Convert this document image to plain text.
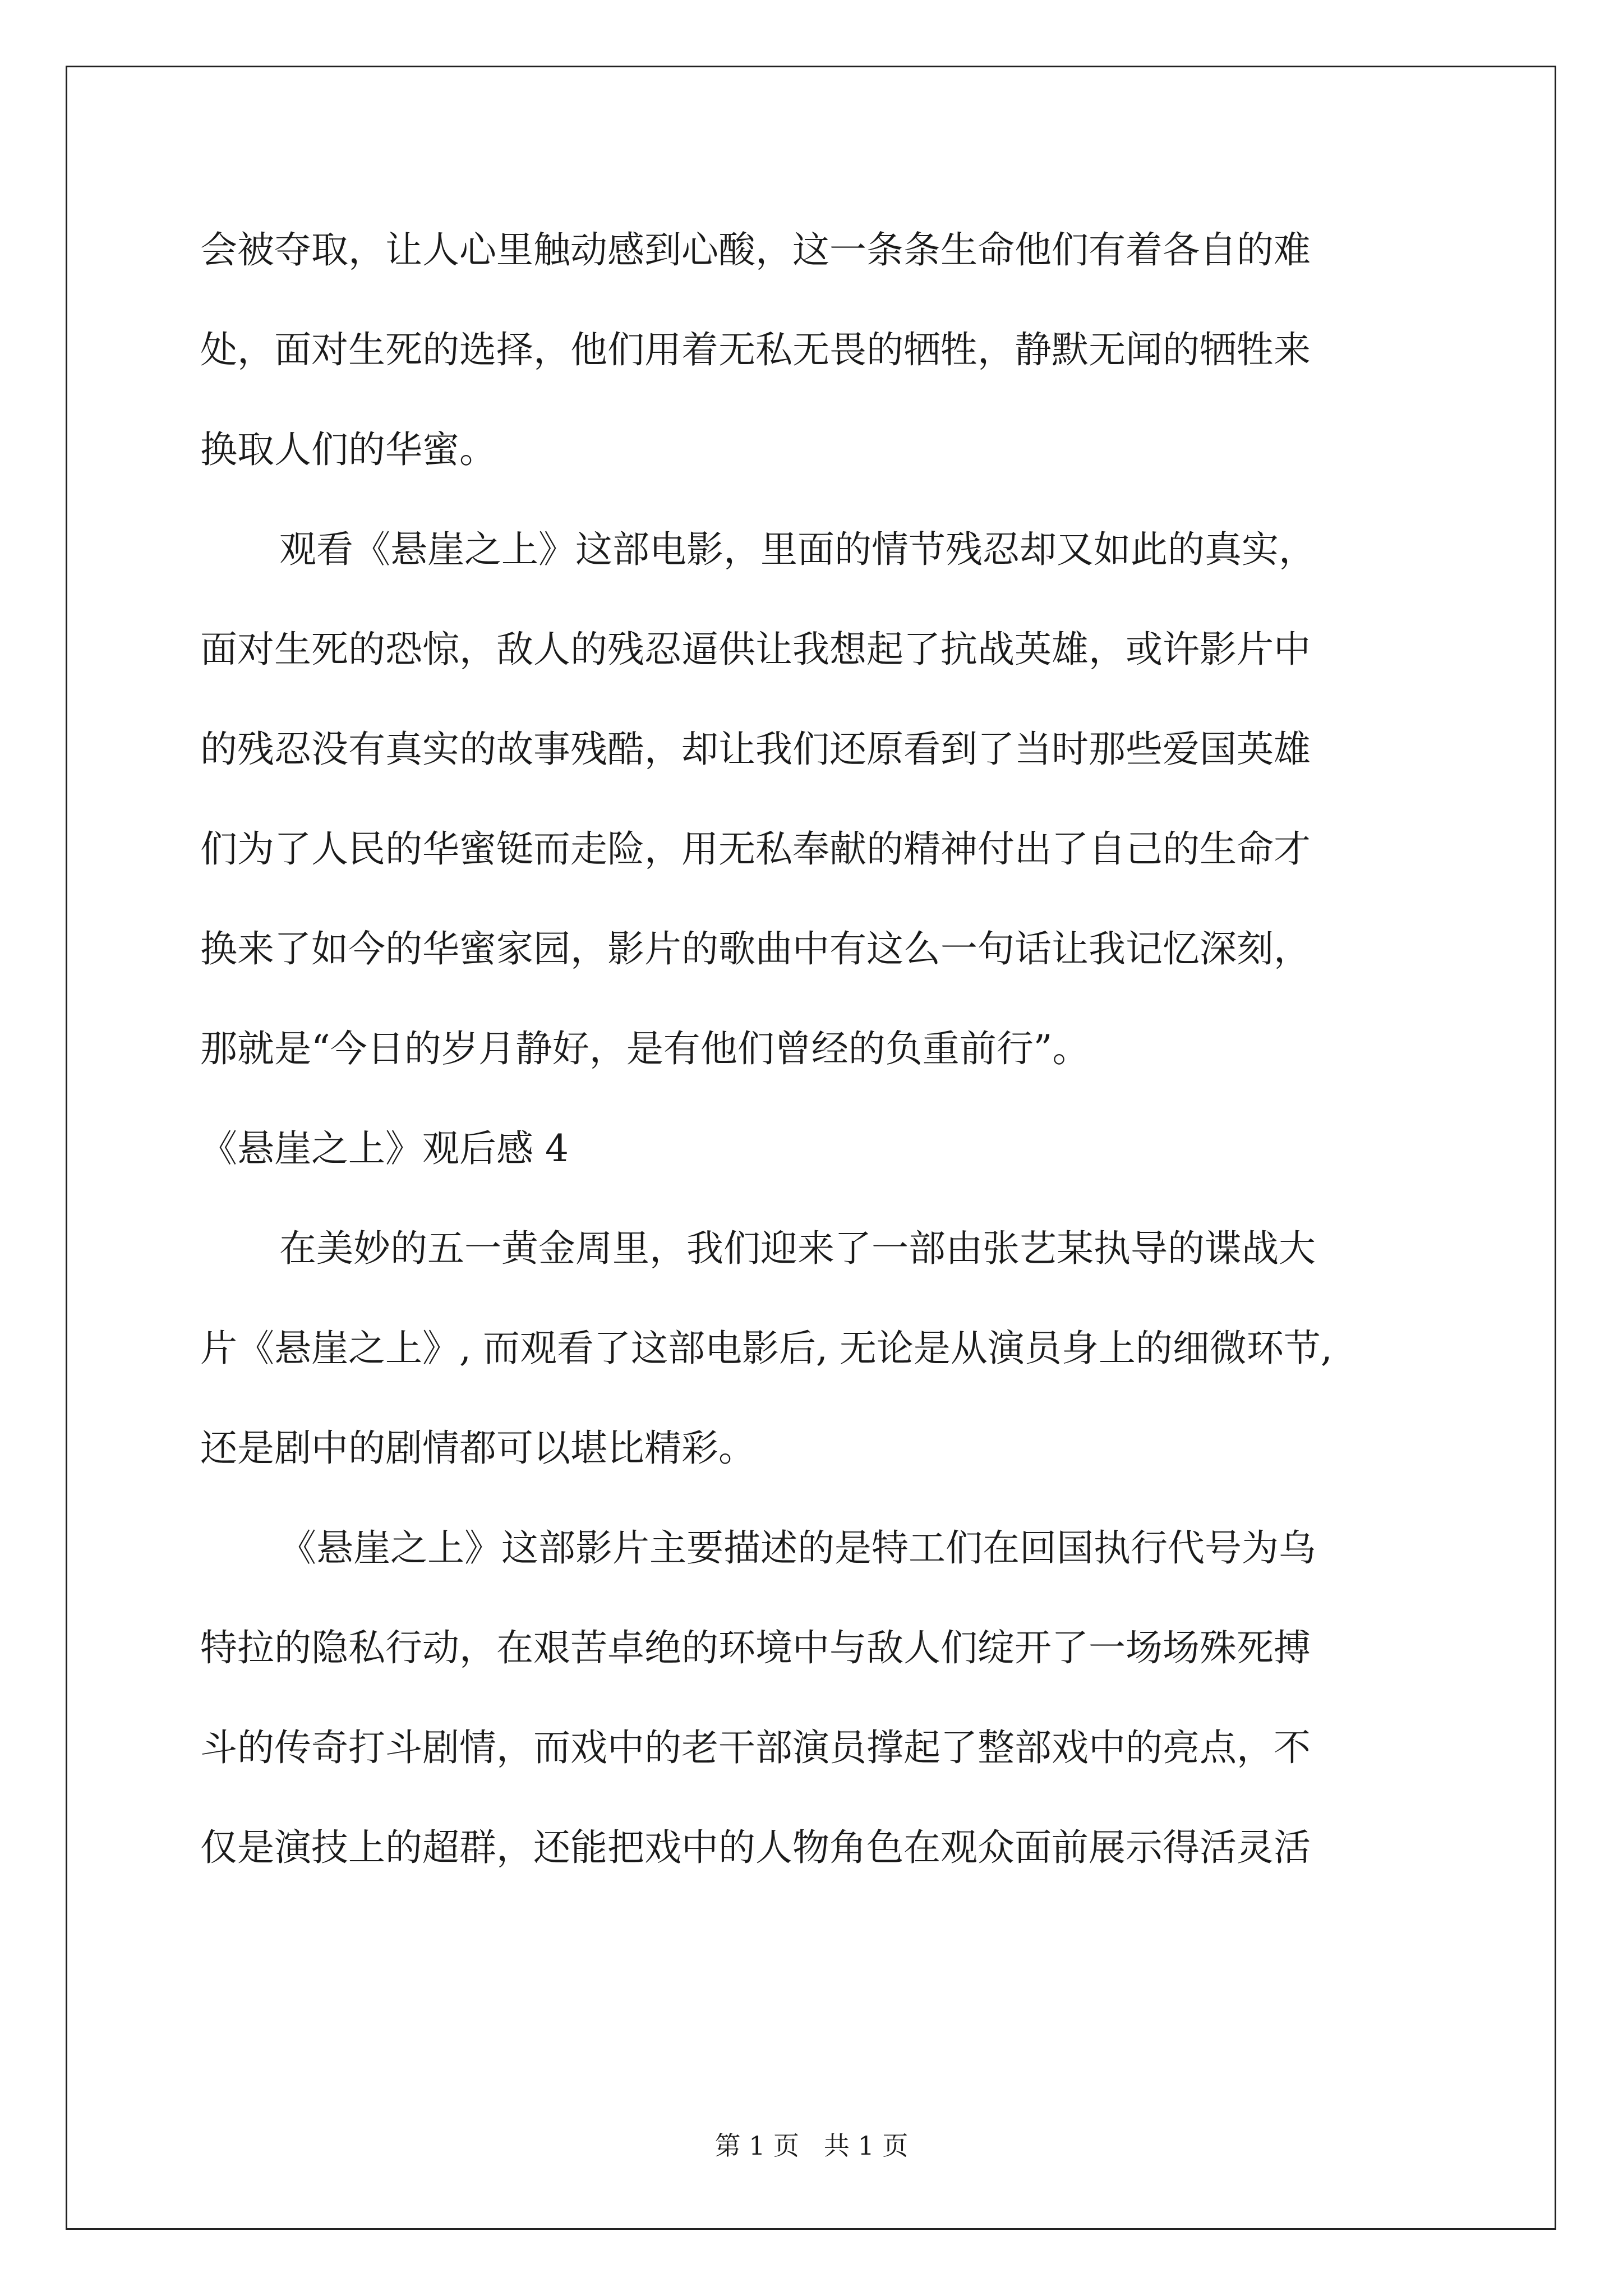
会被夺取，让人心里触动感到心酸，这一条条生命他们有着各自的难
处，面对生死的选择，他们用着无私无畏的牺牲，静默无闻的牺牲来
换取人们的华蜜。
观看《悬崖之上》这部电影，里面的情节残忍却又如此的真实，
面对生死的恐惊，敌人的残忍逼供让我想起了抗战英雄，或许影片中
的残忍没有真实的故事残酷，却让我们还原看到了当时那些爱国英雄
们为了人民的华蜜铤而走险，用无私奉献的精神付出了自己的生命才
换来了如今的华蜜家园，影片的歌曲中有这么一句话让我记忆深刻，
那就是“今日的岁月静好，是有他们曾经的负重前行”。
《悬崖之上》观后感 4
在美妙的五一黄金周里，我们迎来了一部由张艺某执导的谍战大
片《悬崖之上》, 而观看了这部电影后, 无论是从演员身上的细微环节,
还是剧中的剧情都可以堪比精彩。
《悬崖之上》这部影片主要描述的是特工们在回国执行代号为乌
特拉的隐私行动，在艰苦卓绝的环境中与敌人们绽开了一场场殊死搏
斗的传奇打斗剧情，而戏中的老干部演员撑起了整部戏中的亮点，不
仅是演技上的超群，还能把戏中的人物角色在观众面前展示得活灵活
第 1 页   共 1 页
